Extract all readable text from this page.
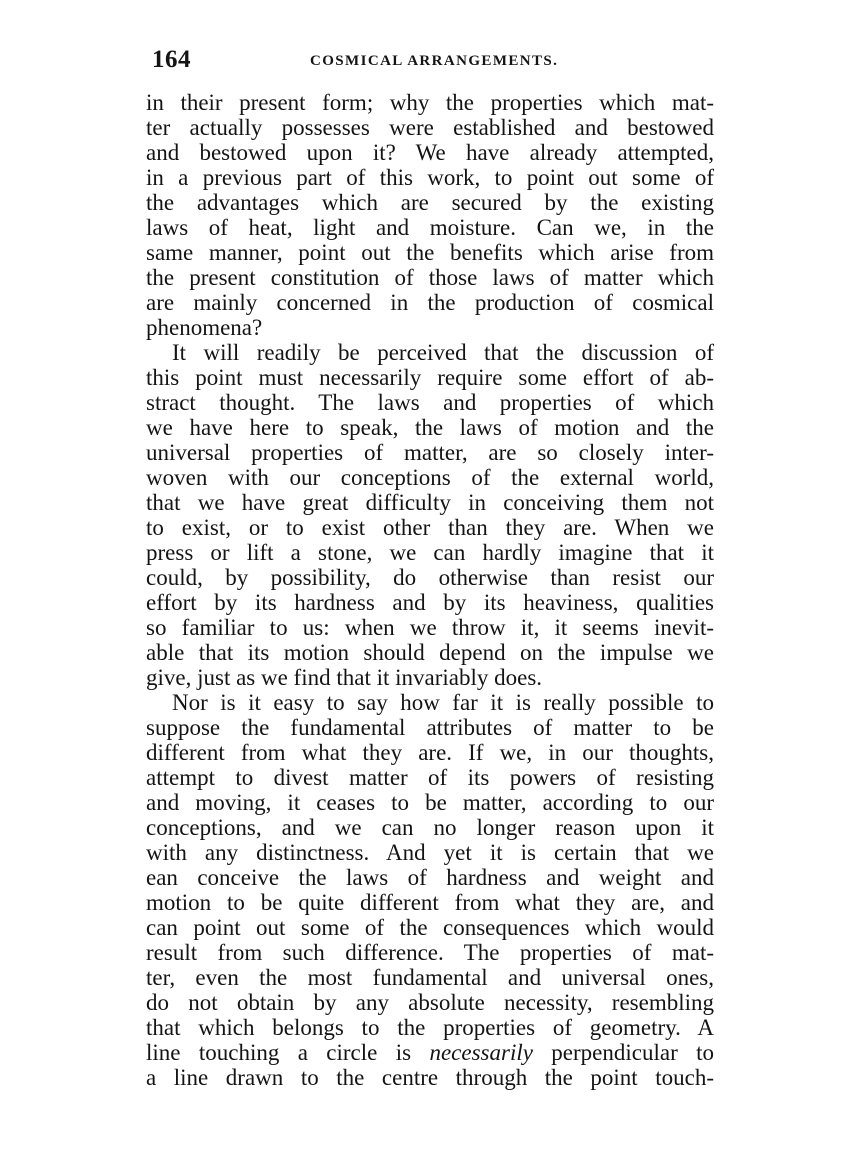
164	COSMICAL ARRANGEMENTS.
in their present form; why the properties which mat-
ter actually possesses were established and bestowed
and bestowed upon it? We have already attempted,
in a previous part of this work, to point out some of
the advantages which are secured by the existing
laws of heat, light and moisture. Can we, in the
same manner, point out the benefits which arise from
the present constitution of those laws of matter which
are mainly concerned in the production of cosmical
phenomena?
It will readily be perceived that the discussion of
this point must necessarily require some effort of ab-
stract thought. The laws and properties of which
we have here to speak, the laws of motion and the
universal properties of matter, are so closely inter-
woven with our conceptions of the external world,
that we have great difficulty in conceiving them not
to exist, or to exist other than they are. When we
press or lift a stone, we can hardly imagine that it
could, by possibility, do otherwise than resist our
effort by its hardness and by its heaviness, qualities
so familiar to us: when we throw it, it seems inevit-
able that its motion should depend on the impulse we
give, just as we find that it invariably does.
Nor is it easy to say how far it is really possible to
suppose the fundamental attributes of matter to be
different from what they are. If we, in our thoughts,
attempt to divest matter of its powers of resisting
and moving, it ceases to be matter, according to our
conceptions, and we can no longer reason upon it
with any distinctness. And yet it is certain that we
ean conceive the laws of hardness and weight and
motion to be quite different from what they are, and
can point out some of the consequences which would
result from such difference. The properties of mat-
ter, even the most fundamental and universal ones,
do not obtain by any absolute necessity, resembling
that which belongs to the properties of geometry. A
line touching a circle is necessarily perpendicular to
a line drawn to the centre through the point touch-
